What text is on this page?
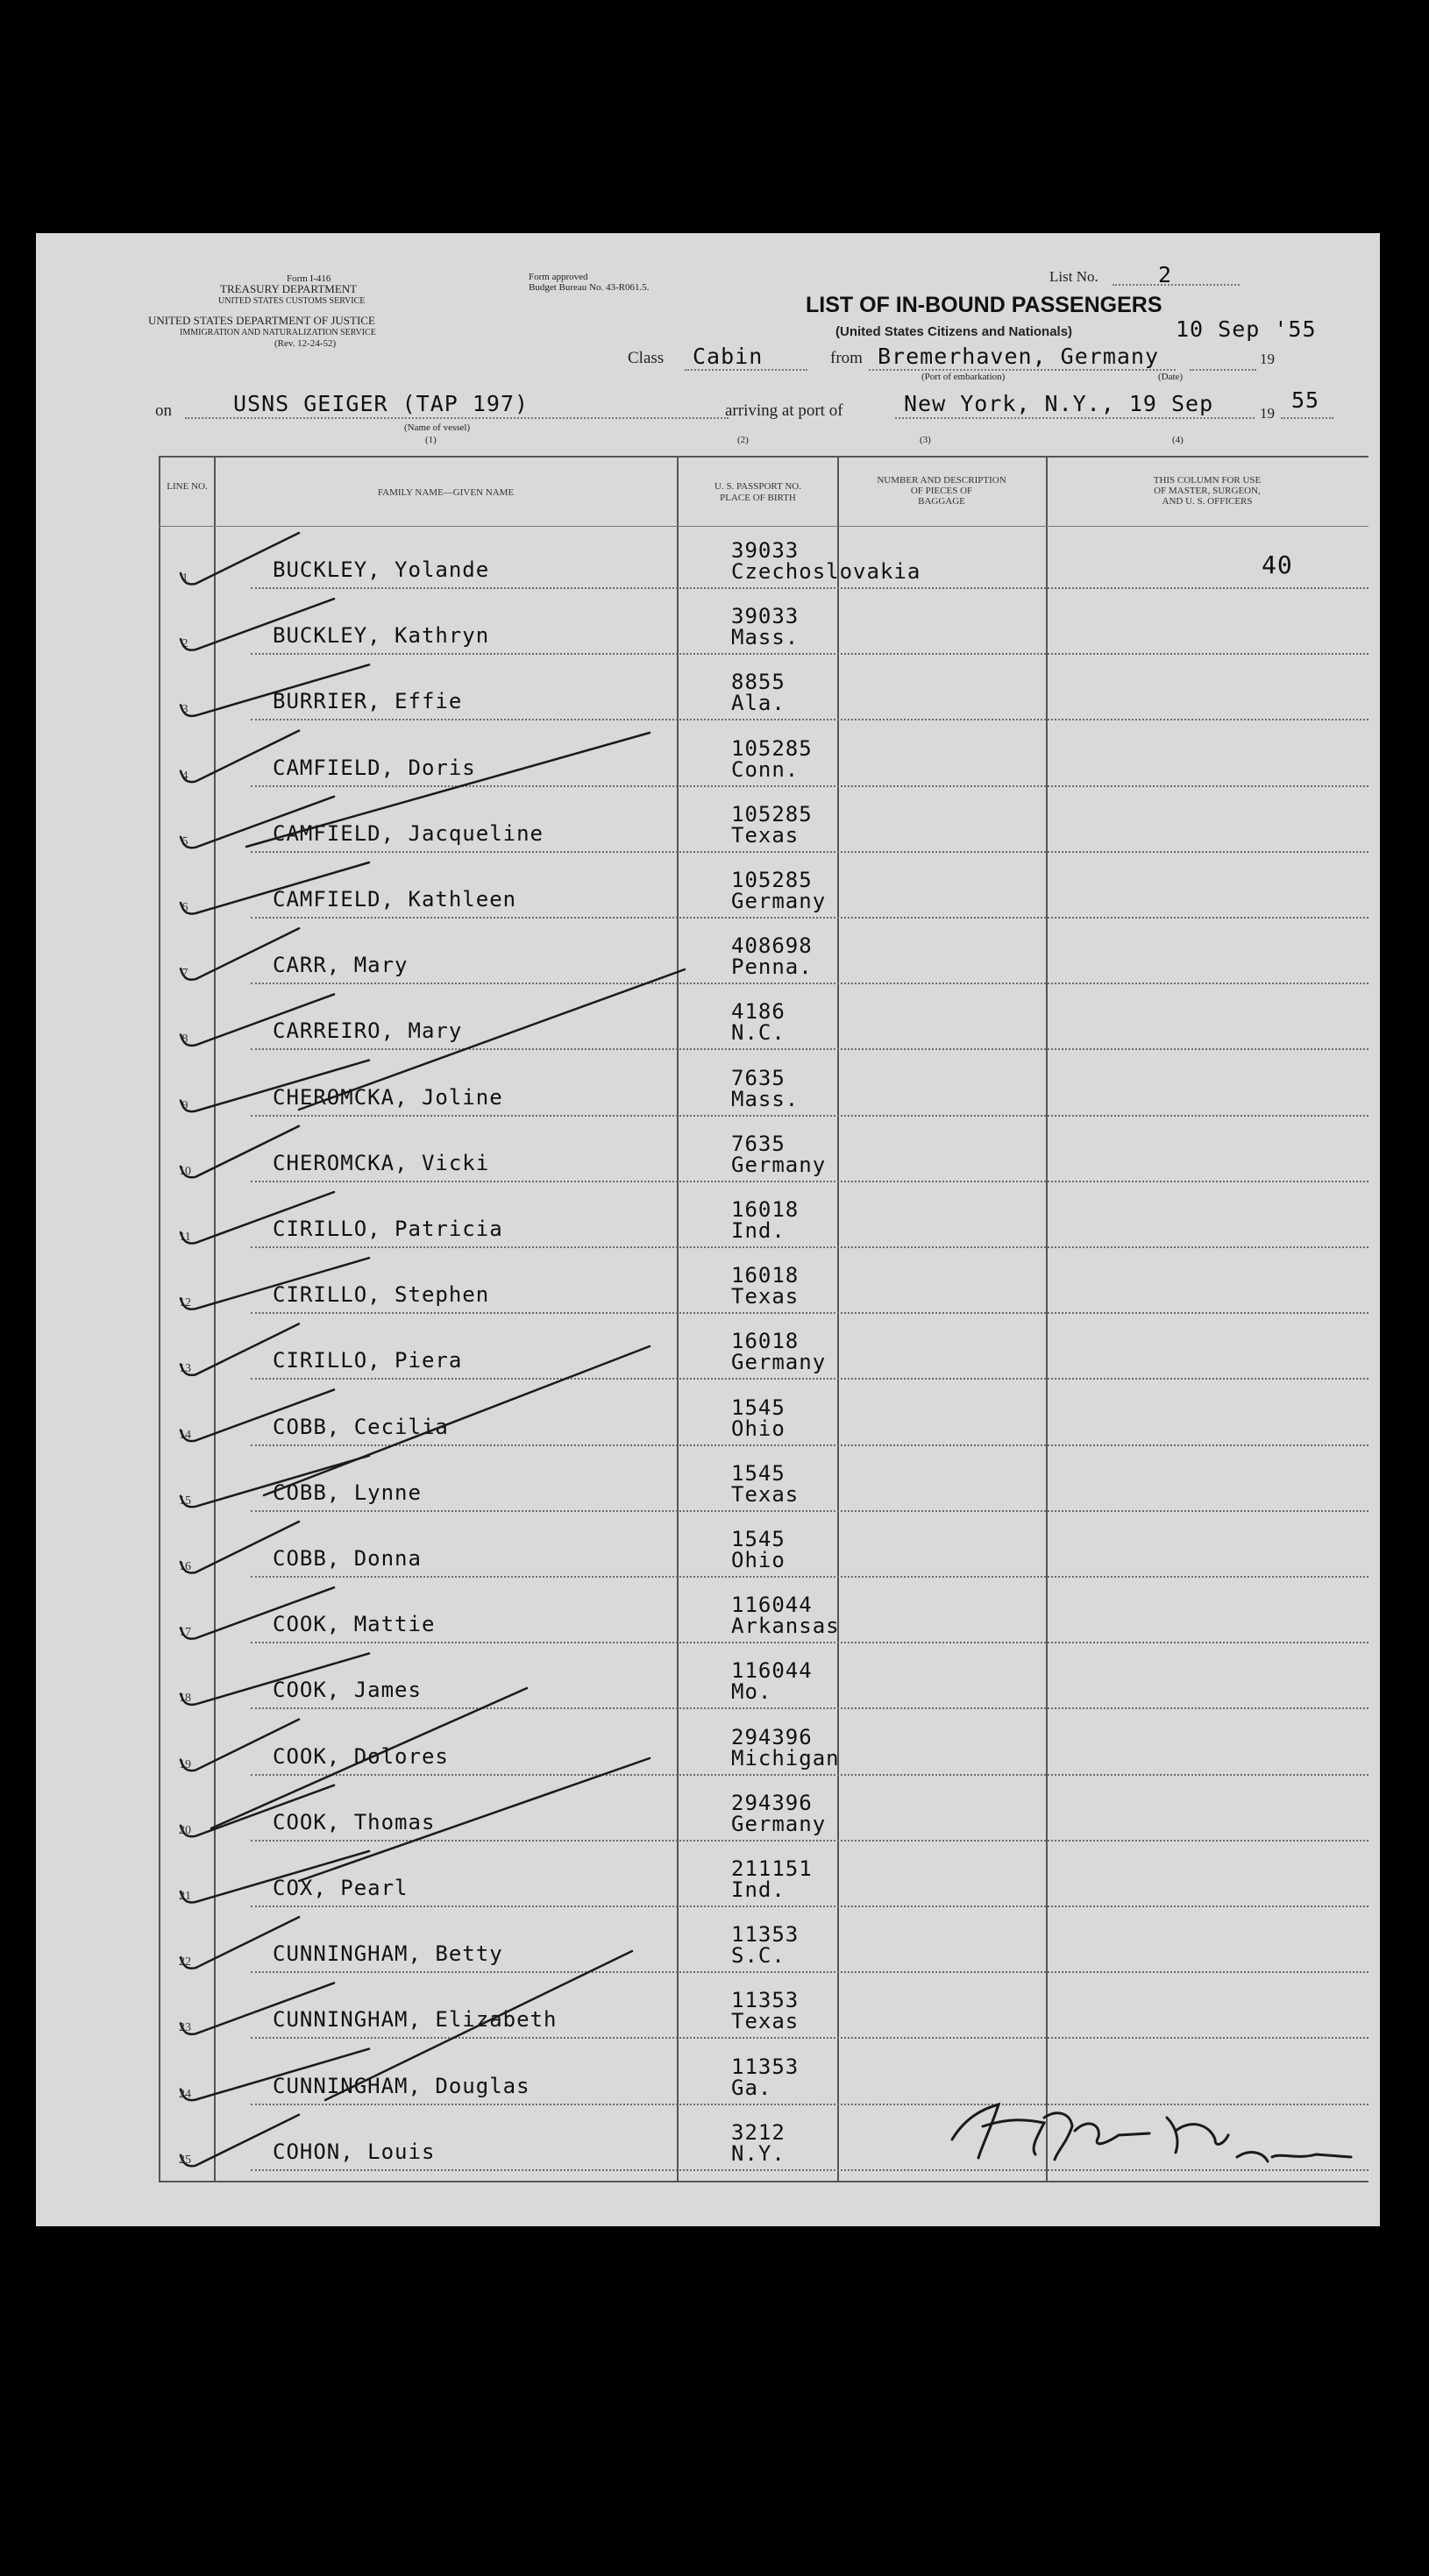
Form I-416
TREASURY DEPARTMENT
UNITED STATES CUSTOMS SERVICE
UNITED STATES DEPARTMENT OF JUSTICE
IMMIGRATION AND NATURALIZATION SERVICE
(Rev. 12-24-52)
Form approved
Budget Bureau No. 43-R061.5.
List No.	2
LIST OF IN-BOUND PASSENGERS
(United States Citizens and Nationals)	10 Sep '55
Class Cabin	from Bremerhaven, Germany	19
(Port of embarkation)	(Date)
on	USNS GEIGER (TAP 197)	arriving at port of	New York, N.Y., 19 Sep	19
55
(Name of vessel)
(1)	(2)	(3)	(4)
LINE NO.
FAMILY NAME—GIVEN NAME
U. S. PASSPORT NO.
PLACE OF BIRTH
NUMBER AND DESCRIPTION
OF PIECES OF
BAGGAGE
THIS COLUMN FOR USE
OF MASTER, SURGEON,
AND U. S. OFFICERS
40
1	BUCKLEY, Yolande
39033
Czechoslovakia
2	BUCKLEY, Kathryn
39033
Mass.
3	BURRIER, Effie
8855
Ala.
4	CAMFIELD, Doris
105285
Conn.
5	CAMFIELD, Jacqueline
105285
Texas
6	CAMFIELD, Kathleen
105285
Germany
7	CARR, Mary
408698
Penna.
8	CARREIRO, Mary
4186
N.C.
9	CHEROMCKA, Joline
7635
Mass.
10	CHEROMCKA, Vicki
7635
Germany
11	CIRILLO, Patricia
16018
Ind.
12	CIRILLO, Stephen
16018
Texas
13	CIRILLO, Piera
16018
Germany
14	COBB, Cecilia
1545
Ohio
15	COBB, Lynne
1545
Texas
16	COBB, Donna
1545
Ohio
17	COOK, Mattie
116044
Arkansas
18	COOK, James
116044
Mo.
19	COOK, Dolores
294396
Michigan
20	COOK, Thomas
294396
Germany
21	COX, Pearl
211151
Ind.
22	CUNNINGHAM, Betty
11353
S.C.
23	CUNNINGHAM, Elizabeth
11353
Texas
24	CUNNINGHAM, Douglas
11353
Ga.
25	COHON, Louis
3212
N.Y.
